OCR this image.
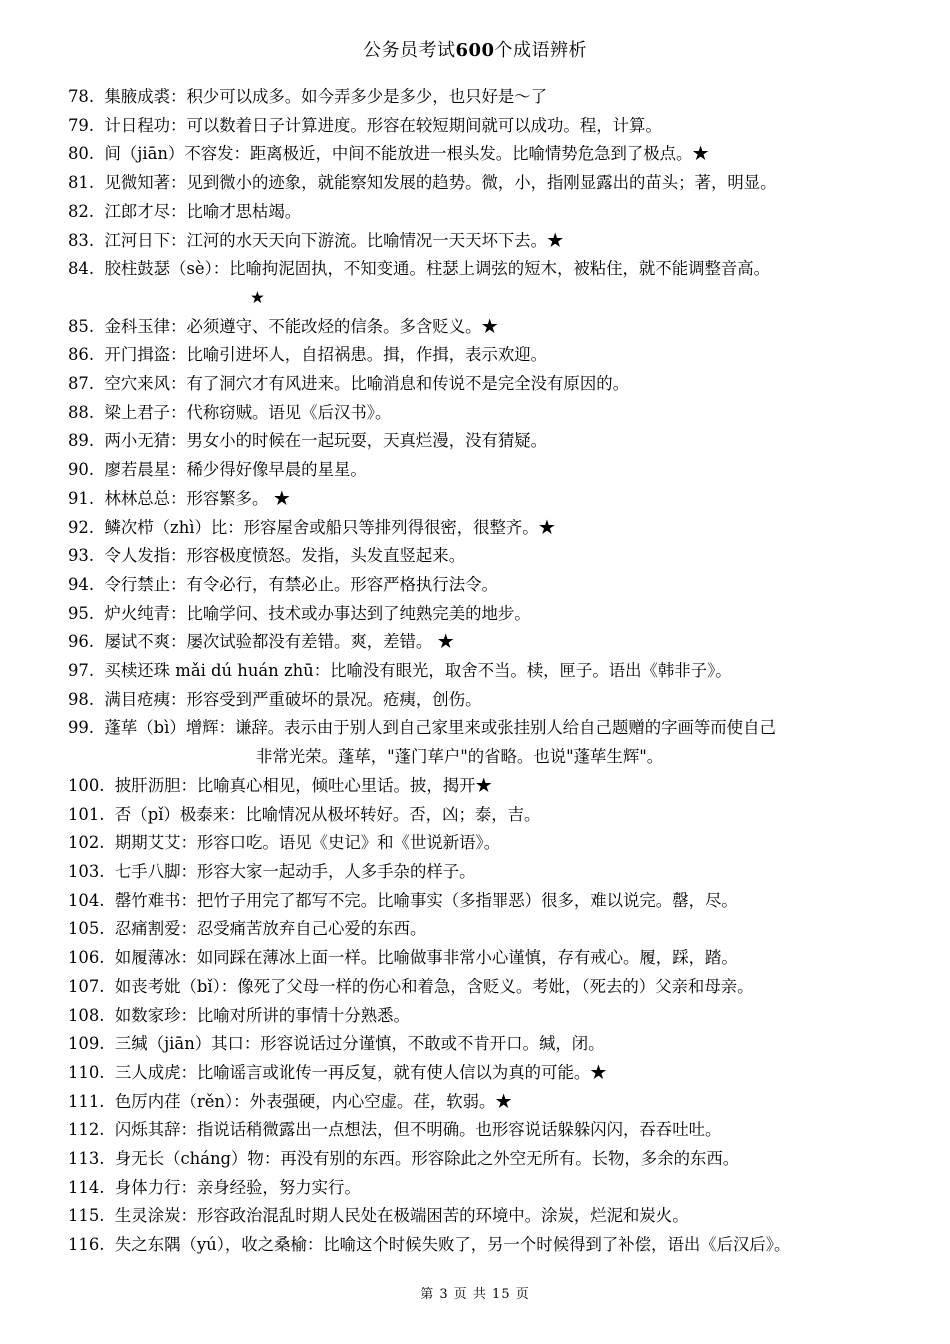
公务员考试600个成语辨析
78. 集腋成裘：积少可以成多。如今弄多少是多少，也只好是～了
79. 计日程功：可以数着日子计算进度。形容在较短期间就可以成功。程，计算。
80. 间（jiān）不容发：距离极近，中间不能放进一根头发。比喻情势危急到了极点。★
81. 见微知著：见到微小的迹象，就能察知发展的趋势。微，小，指刚显露出的苗头；著，明显。
82. 江郎才尽：比喻才思枯竭。
83. 江河日下：江河的水天天向下游流。比喻情况一天天坏下去。★
84. 胶柱鼓瑟（sè）：比喻拘泥固执，不知变通。柱瑟上调弦的短木，被粘住，就不能调整音高。
★
85. 金科玉律：必须遵守、不能改烃的信条。多含贬义。★
86. 开门揖盗：比喻引进坏人，自招祸患。揖，作揖，表示欢迎。
87. 空穴来风：有了洞穴才有风进来。比喻消息和传说不是完全没有原因的。
88. 梁上君子：代称窃贼。语见《后汉书》。
89. 两小无猜：男女小的时候在一起玩耍，天真烂漫，没有猜疑。
90. 廖若晨星：稀少得好像早晨的星星。
91. 林林总总：形容繁多。 ★
92. 鳞次栉（zhì）比：形容屋舍或船只等排列得很密，很整齐。★
93. 令人发指：形容极度愤怒。发指，头发直竖起来。
94. 令行禁止：有令必行，有禁必止。形容严格执行法令。
95. 炉火纯青：比喻学问、技术或办事达到了纯熟完美的地步。
96. 屡试不爽：屡次试验都没有差错。爽，差错。 ★
97. 买椟还珠 mǎi dú huán zhū：比喻没有眼光，取舍不当。椟，匣子。语出《韩非子》。
98. 满目疮痍：形容受到严重破坏的景况。疮痍，创伤。
99. 蓬荜（bì）增辉：谦辞。表示由于别人到自己家里来或张挂别人给自己题赠的字画等而使自己
非常光荣。蓬荜，"蓬门荜户"的省略。也说"蓬荜生辉"。
100. 披肝沥胆：比喻真心相见，倾吐心里话。披，揭开★
101. 否（pǐ）极泰来：比喻情况从极坏转好。否，凶；泰，吉。
102. 期期艾艾：形容口吃。语见《史记》和《世说新语》。
103. 七手八脚：形容大家一起动手，人多手杂的样子。
104. 罄竹难书：把竹子用完了都写不完。比喻事实（多指罪恶）很多，难以说完。罄，尽。
105. 忍痛割爱：忍受痛苦放弃自己心爱的东西。
106. 如履薄冰：如同踩在薄冰上面一样。比喻做事非常小心谨慎，存有戒心。履，踩，踏。
107. 如丧考妣（bǐ）：像死了父母一样的伤心和着急，含贬义。考妣，（死去的）父亲和母亲。
108. 如数家珍：比喻对所讲的事情十分熟悉。
109. 三缄（jiān）其口：形容说话过分谨慎，不敢或不肯开口。缄，闭。
110. 三人成虎：比喻谣言或讹传一再反复，就有使人信以为真的可能。★
111. 色厉内荏（rěn）：外表强硬，内心空虚。荏，软弱。★
112. 闪烁其辞：指说话稍微露出一点想法，但不明确。也形容说话躲躲闪闪，吞吞吐吐。
113. 身无长（cháng）物：再没有别的东西。形容除此之外空无所有。长物，多余的东西。
114. 身体力行：亲身经验，努力实行。
115. 生灵涂炭：形容政治混乱时期人民处在极端困苦的环境中。涂炭，烂泥和炭火。
116. 失之东隅（yú），收之桑榆：比喻这个时候失败了，另一个时候得到了补偿，语出《后汉后》。
第 3 页 共 15 页
